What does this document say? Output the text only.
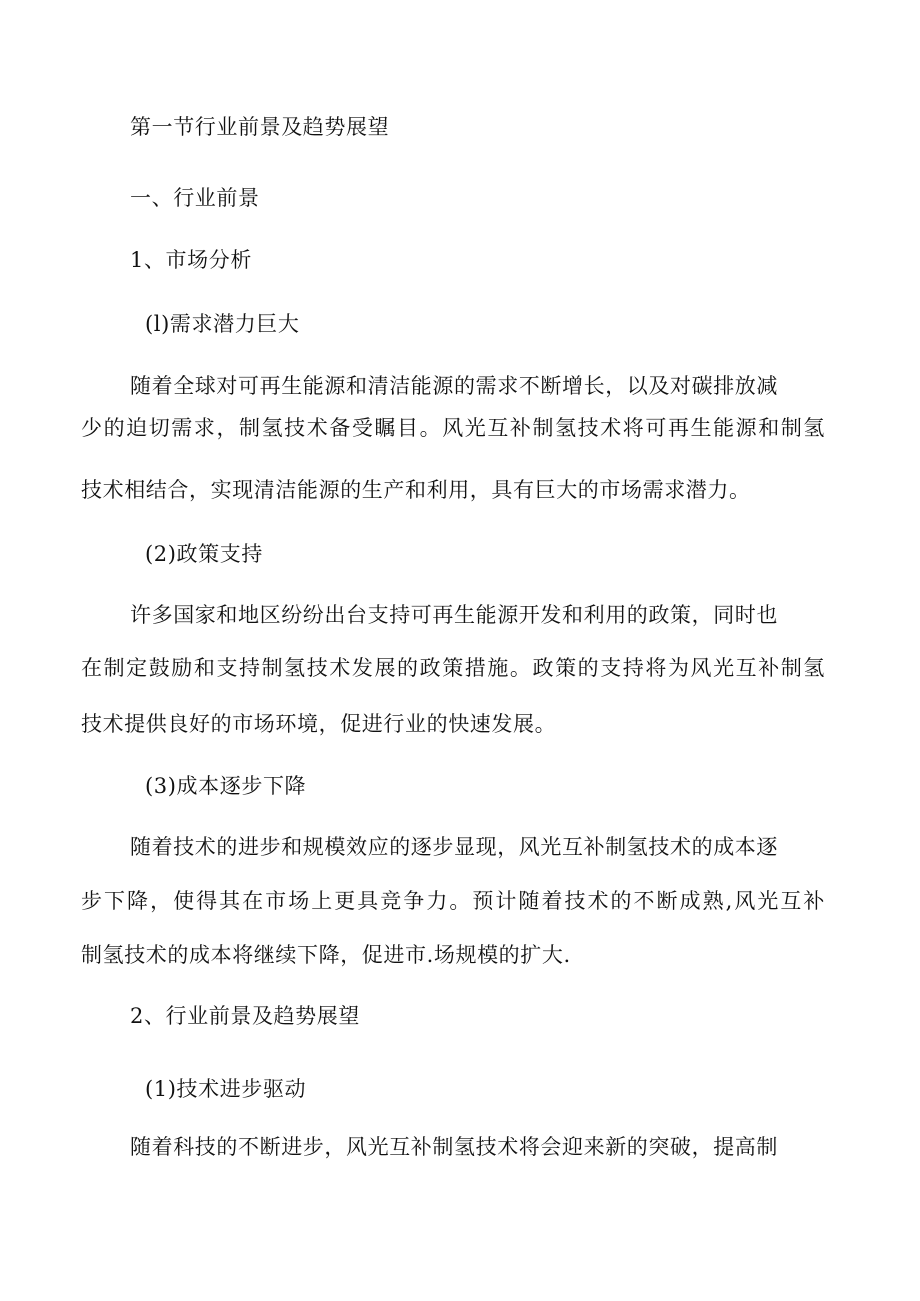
第一节行业前景及趋势展望
一、行业前景
1、市场分析
(l)需求潜力巨大
随着全球对可再生能源和清洁能源的需求不断增长，以及对碳排放减
少的迫切需求，制氢技术备受瞩目。风光互补制氢技术将可再生能源和制氢
技术相结合，实现清洁能源的生产和利用，具有巨大的市场需求潜力。
(2)政策支持
许多国家和地区纷纷出台支持可再生能源开发和利用的政策，同时也
在制定鼓励和支持制氢技术发展的政策措施。政策的支持将为风光互补制氢
技术提供良好的市场环境，促进行业的快速发展。
(3)成本逐步下降
随着技术的进步和规模效应的逐步显现，风光互补制氢技术的成本逐
步下降，使得其在市场上更具竞争力。预计随着技术的不断成熟,风光互补
制氢技术的成本将继续下降，促进市.场规模的扩大.
2、行业前景及趋势展望
(1)技术进步驱动
随着科技的不断进步，风光互补制氢技术将会迎来新的突破，提高制
